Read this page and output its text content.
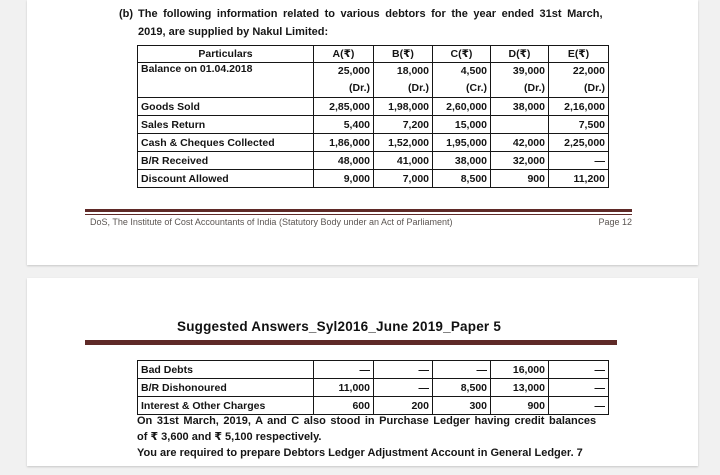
(b) The following information related to various debtors for the year ended 31st March,
2019, are supplied by Nakul Limited:
Particulars	A(₹)	B(₹)	C(₹)	D(₹)	E(₹)
Balance on 01.04.2018	25,000
(Dr.)

18,000
(Dr.)

4,500
(Cr.)

39,000
(Dr.)

22,000
(Dr.)

Goods Sold	2,85,000	1,98,000	2,60,000	38,000	2,16,000
Sales Return	5,400	7,200	15,000		7,500
Cash & Cheques Collected	1,86,000	1,52,000	1,95,000	42,000	2,25,000
B/R Received	48,000	41,000	38,000	32,000	—
Discount Allowed	9,000	7,000	8,500	900	11,200
DoS, The Institute of Cost Accountants of India (Statutory Body under an Act of Parliament)	Page 12
Suggested Answers_Syl2016_June 2019_Paper 5
Bad Debts	—	—	—	16,000	—
B/R Dishonoured	11,000	—	8,500	13,000	—
Interest & Other Charges	600	200	300	900	—
On 31st March, 2019, A and C also stood in Purchase Ledger having credit balances
of ₹ 3,600 and ₹ 5,100 respectively.
You are required to prepare Debtors Ledger Adjustment Account in General Ledger. 7
